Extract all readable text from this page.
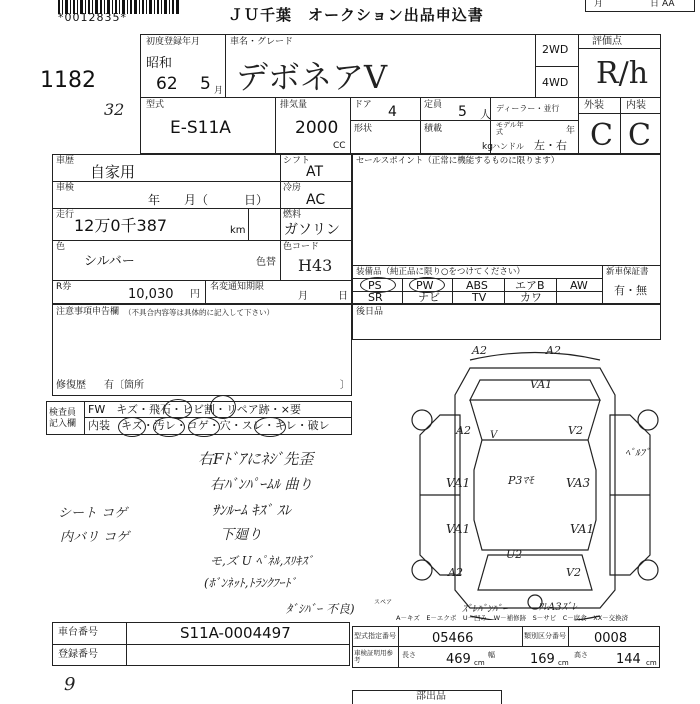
*0012835*	ＪＵ千葉　オークション出品申込書
月	日 AA
1182
32
初度登録年月
昭和
62 5 月
車名・グレード
デボネアV
2WD
4WD
型式
E-S11A
排気量
2000
CC
ドア 4	定員 5 人 ディーラー・並行
形状	積載
kg
モデル年式	年
ハンドル 左・右
評価点
R/h
外装 内装
C C
車歴
自家用
車検
年　　月（　　　日）
走行
12万0千387	km
色
シルバー	色替
R券	10,030 円
名変通知期限
月	日
シフト
AT
冷房
AC
燃料
ガソリン
色コード
H43
セールスポイント（正常に機能するものに限ります）
装備品（純正品に限り○をつけてください）	新車保証書
有・無
PS	PW	ABS エアB AW
SR	ナビ	TV	カワ
注意事項申告欄 （不具合内容等は具体的に記入して下さい）
修復歴 有〔箇所	〕
後日品
検査員
記入欄
FW　キズ・飛石・ヒビ割・リペア跡・×要
内装　キズ・汚レ・コゲ・穴・スレ・キレ・破レ
右Fﾄﾞｱにﾈｼﾞ先歪
右ﾊﾞﾝﾊﾟｰﾑﾙ 曲り
ｻﾝﾙｰﾑ ｷｽﾞ ｽﾚ
下廻り
モ,ズ U ﾍﾟﾈﾙ,ｽﾘｷｽﾞ
(ﾎﾞﾝﾈｯﾄ,ﾄﾗﾝｸﾌｰﾄﾞ
ﾀﾞｼﾊﾞｰ 不良)
シート コゲ
内バリ コゲ
A2	A2
VA1
VA1	VA1
VA3
VA1
A2
A2
V2
U2
P3ﾏﾓ
V
V2
ﾍﾟﾙﾌﾞ
ｽﾞﾚﾊﾞﾝﾊﾟｰ	ﾜﾚA3ｽﾞﾚ
スペア
A－キズ　E－エクボ　U－凹み　W－補修跡　S－サビ　C－腐食　XX－交換済
車台番号	S11A-0004497
登録番号
型式指定番号	05466	類別区分番号 0008
車検証明用参考
長さ 469 cm
幅	169 cm
高さ 144 cm
9
部出品
